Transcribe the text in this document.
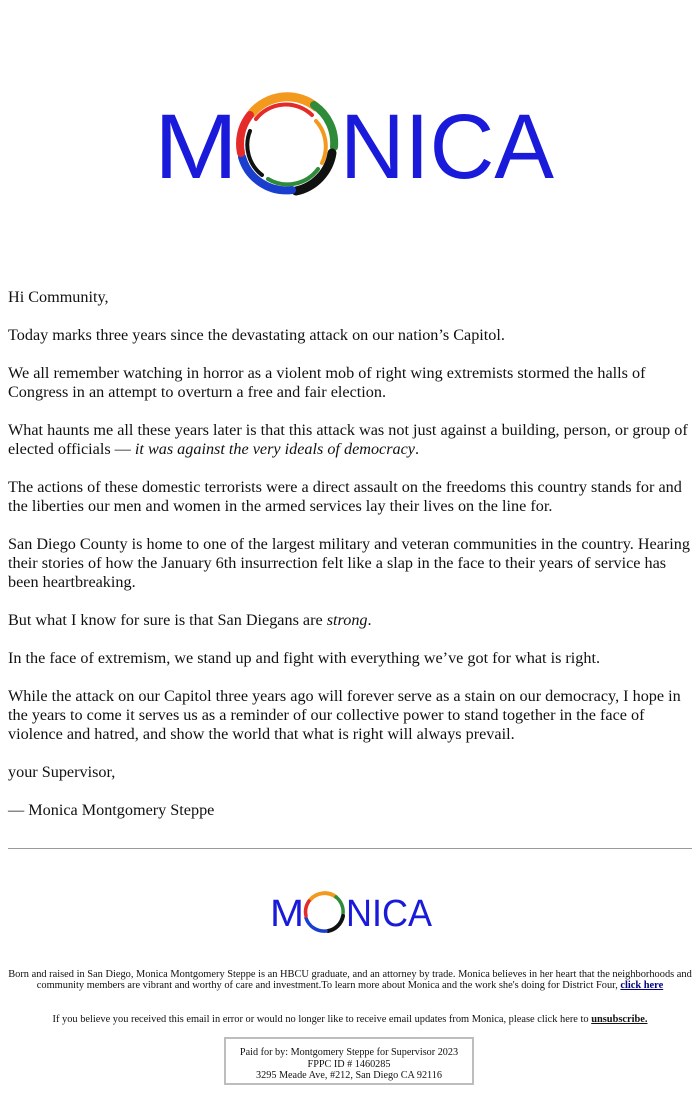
M NICA

Hi Community,

Today marks three years since the devastating attack on our nation’s Capitol.

We all remember watching in horror as a violent mob of right wing extremists stormed the halls of Congress in an attempt to overturn a free and fair election.

What haunts me all these years later is that this attack was not just against a building, person, or group of elected officials — it was against the very ideals of democracy.

The actions of these domestic terrorists were a direct assault on the freedoms this country stands for and the liberties our men and women in the armed services lay their lives on the line for.

San Diego County is home to one of the largest military and veteran communities in the country. Hearing their stories of how the January 6th insurrection felt like a slap in the face to their years of service has been heartbreaking.

But what I know for sure is that San Diegans are strong.

In the face of extremism, we stand up and fight with everything we’ve got for what is right.

While the attack on our Capitol three years ago will forever serve as a stain on our democracy, I hope in the years to come it serves us as a reminder of our collective power to stand together in the face of violence and hatred, and show the world that what is right will always prevail.

your Supervisor,

— Monica Montgomery Steppe

M NICA
Born and raised in San Diego, Monica Montgomery Steppe is an HBCU graduate, and an attorney by trade. Monica believes in her heart that the neighborhoods and community members are vibrant and worthy of care and investment.To learn more about Monica and the work she's doing for District Four, click here
If you believe you received this email in error or would no longer like to receive email updates from Monica, please click here to unsubscribe.
Paid for by: Montgomery Steppe for Supervisor 2023
FPPC ID # 1460285
3295 Meade Ave, #212, San Diego CA 92116
